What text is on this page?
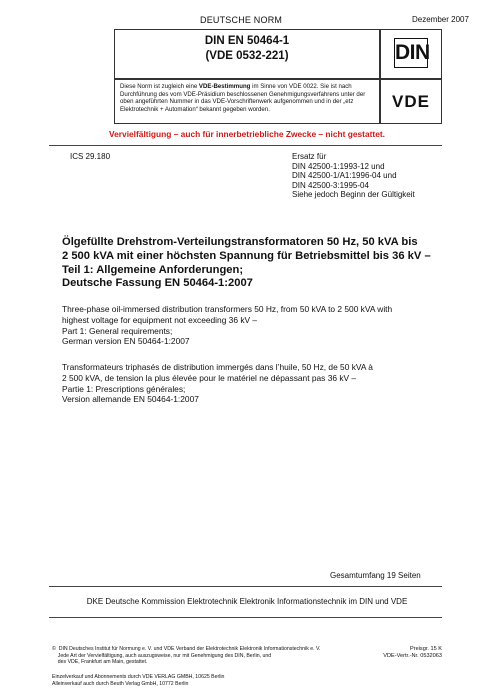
DEUTSCHE NORM	Dezember 2007
DIN EN 50464-1
(VDE 0532-221)	DIN
Diese Norm ist zugleich eine VDE-Bestimmung im Sinne von VDE 0022. Sie ist nach Durchführung des vom VDE-Präsidium beschlossenen Genehmigungsverfahrens unter der oben angeführten Nummer in das VDE-Vorschriftenwerk aufgenommen und in der „etz Elektrotechnik + Automation“ bekannt gegeben worden.	VDE
Vervielfältigung – auch für innerbetriebliche Zwecke – nicht gestattet.
ICS 29.180	Ersatz für
DIN 42500-1:1993-12 und
DIN 42500-1/A1:1996-04 und
DIN 42500-3:1995-04
Siehe jedoch Beginn der Gültigkeit
Ölgefüllte Drehstrom-Verteilungstransformatoren 50 Hz, 50 kVA bis
2 500 kVA mit einer höchsten Spannung für Betriebsmittel bis 36 kV –
Teil 1: Allgemeine Anforderungen;
Deutsche Fassung EN 50464-1:2007
Three-phase oil-immersed distribution transformers 50 Hz, from 50 kVA to 2 500 kVA with
highest voltage for equipment not exceeding 36 kV –
Part 1: General requirements;
German version EN 50464-1:2007
Transformateurs triphasés de distribution immergés dans l’huile, 50 Hz, de 50 kVA à
2 500 kVA, de tension la plus élevée pour le matériel ne dépassant pas 36 kV –
Partie 1: Prescriptions générales;
Version allemande EN 50464-1:2007
Gesamtumfang 19 Seiten
DKE Deutsche Kommission Elektrotechnik Elektronik Informationstechnik im DIN und VDE
©  DIN Deutsches Institut für Normung e. V. und VDE Verband der Elektrotechnik Elektronik Informationstechnik e. V.
Jede Art der Vervielfältigung, auch auszugsweise, nur mit Genehmigung des DIN, Berlin, und
des VDE, Frankfurt am Main, gestattet.
Einzelverkauf und Abonnements durch VDE VERLAG GMBH, 10625 Berlin
Alleinverkauf auch durch Beuth Verlag GmbH, 10772 Berlin
Preisgr. 15 K
VDE-Vertr.-Nr. 0532063
